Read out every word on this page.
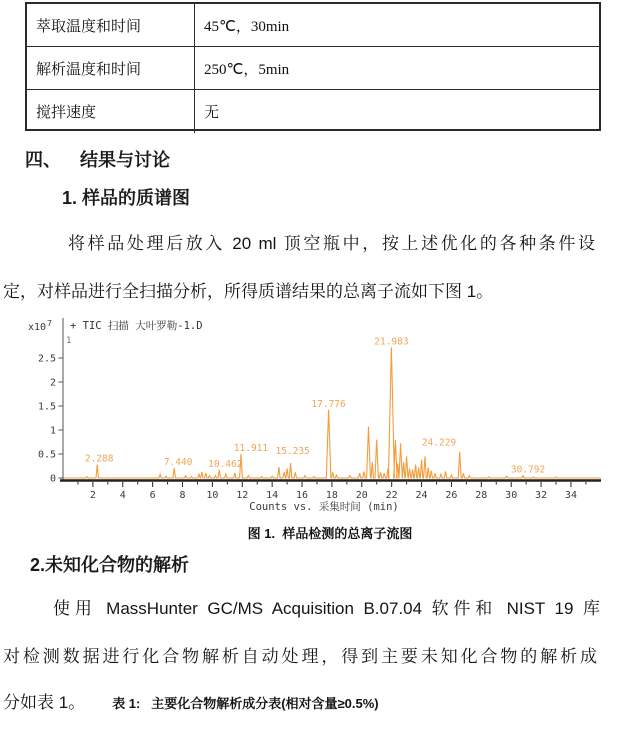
萃取温度和时间	45℃，30min
解析温度和时间	250℃，5min
搅拌速度	无
四、 结果与讨论
1. 样品的质谱图
将样品处理后放入 20 ml 顶空瓶中，按上述优化的各种条件设
定，对样品进行全扫描分析，所得质谱结果的总离子流如下图 1。
2 4 6 8 10 12 14 16 18 20 22 24 26 28 30 32 34
Counts vs. 采集时间 (min)
0
0.5
1
1.5
2
2.5
$x10^7$ + TIC 扫描 大叶罗勒-1.D
1
2.288	7.440 10.462
11.911 15.235
17.776
21.983
24.229
30.792
图 1.  样品检测的总离子流图
2.未知化合物的解析
使用 MassHunter GC/MS Acquisition B.07.04 软件和 NIST 19 库
对检测数据进行化合物解析自动处理，得到主要未知化合物的解析成
分如表 1。 表 1:   主要化合物解析成分表(相对含量≥0.5%)
